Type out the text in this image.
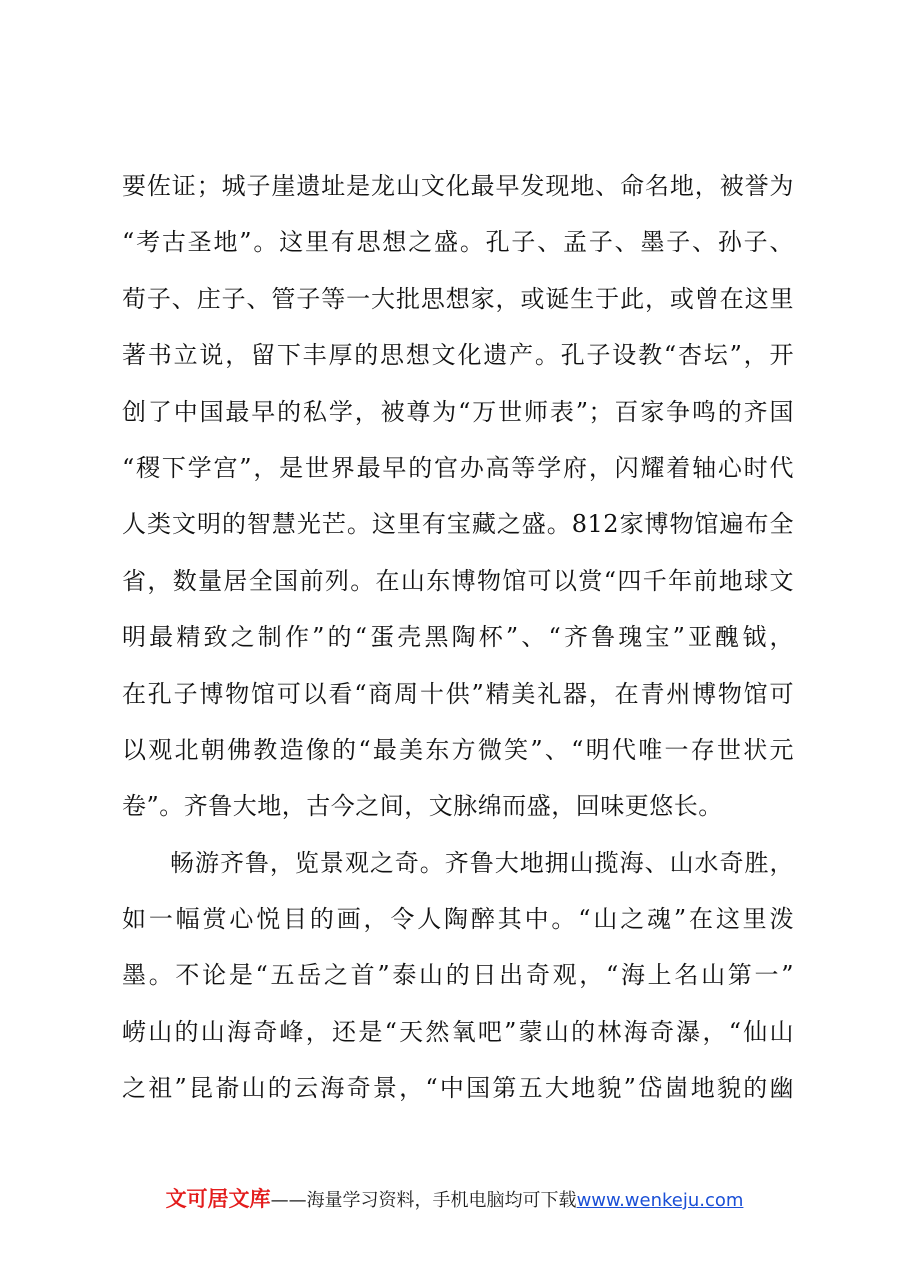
要佐证；城子崖遗址是龙山文化最早发现地、命名地，被誉为
“考古圣地”。这里有思想之盛。孔子、孟子、墨子、孙子、
荀子、庄子、管子等一大批思想家，或诞生于此，或曾在这里
著书立说，留下丰厚的思想文化遗产。孔子设教“杏坛”，开
创了中国最早的私学，被尊为“万世师表”；百家争鸣的齐国
“稷下学宫”，是世界最早的官办高等学府，闪耀着轴心时代
人类文明的智慧光芒。这里有宝藏之盛。812家博物馆遍布全
省，数量居全国前列。在山东博物馆可以赏“四千年前地球文
明最精致之制作”的“蛋壳黑陶杯”、“齐鲁瑰宝”亚醜钺，
在孔子博物馆可以看“商周十供”精美礼器，在青州博物馆可
以观北朝佛教造像的“最美东方微笑”、“明代唯一存世状元
卷”。齐鲁大地，古今之间，文脉绵而盛，回味更悠长。
畅游齐鲁，览景观之奇。齐鲁大地拥山揽海、山水奇胜，
如一幅赏心悦目的画，令人陶醉其中。“山之魂”在这里泼
墨。不论是“五岳之首”泰山的日出奇观，“海上名山第一”
崂山的山海奇峰，还是“天然氧吧”蒙山的林海奇瀑，“仙山
之祖”昆嵛山的云海奇景，“中国第五大地貌”岱崮地貌的幽
文可居文库——海量学习资料，手机电脑均可下载www.wenkeju.com
